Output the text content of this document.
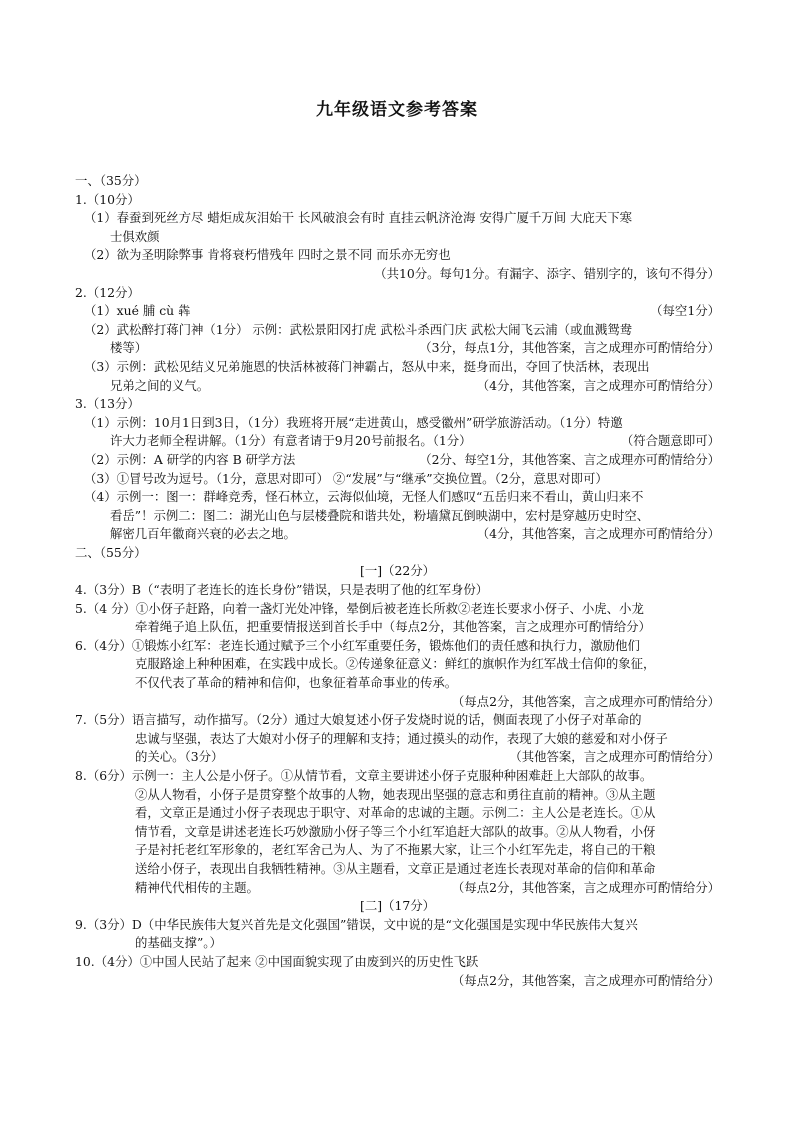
九年级语文参考答案
一、（35分）
1.（10分）
（1）春蚕到死丝方尽 蜡炬成灰泪始干 长风破浪会有时 直挂云帆济沧海 安得广厦千万间 大庇天下寒
士俱欢颜
（2）欲为圣明除弊事 肯将衰朽惜残年 四时之景不同 而乐亦无穷也
（共10分。每句1分。有漏字、添字、错别字的，该句不得分）
2.（12分）
（1）xué 脯 cù 犇	（每空1分）
（2）武松醉打蒋门神（1分） 示例：武松景阳冈打虎 武松斗杀西门庆 武松大闹飞云浦（或血溅鸳鸯
楼等）	（3分，每点1分，其他答案，言之成理亦可酌情给分）
（3）示例：武松见结义兄弟施恩的快活林被蒋门神霸占，怒从中来，挺身而出，夺回了快活林，表现出
兄弟之间的义气。	（4分，其他答案，言之成理亦可酌情给分）
3.（13分）
（1）示例：10月1日到3日，（1分）我班将开展“走进黄山，感受徽州”研学旅游活动。（1分）特邀
许大力老师全程讲解。（1分）有意者请于9月20号前报名。（1分）	（符合题意即可）
（2）示例：A 研学的内容 B 研学方法	（2分、每空1分，其他答案、言之成理亦可酌情给分）
（3）①冒号改为逗号。（1分，意思对即可） ②“发展”与“继承”交换位置。（2分，意思对即可）
（4）示例一：图一：群峰竞秀，怪石林立，云海似仙境，无怪人们感叹“五岳归来不看山，黄山归来不
看岳”！示例二：图二：湖光山色与层楼叠院和谐共处，粉墙黛瓦倒映湖中，宏村是穿越历史时空、
解密几百年徽商兴衰的必去之地。	（4分，其他答案，言之成理亦可酌情给分）
二、（55分）
[一]（22分）
4.（3分）B（“表明了老连长的连长身份”错误，只是表明了他的红军身份）
5.（4 分）①小伢子赶路，向着一盏灯光处冲锋，晕倒后被老连长所救②老连长要求小伢子、小虎、小龙
牵着绳子追上队伍，把重要情报送到首长手中（每点2分，其他答案，言之成理亦可酌情给分）
6.（4分）①锻炼小红军：老连长通过赋予三个小红军重要任务，锻炼他们的责任感和执行力，激励他们
克服路途上种种困难，在实践中成长。②传递象征意义：鲜红的旗帜作为红军战士信仰的象征，
不仅代表了革命的精神和信仰，也象征着革命事业的传承。
（每点2分，其他答案，言之成理亦可酌情给分）
7.（5分）语言描写，动作描写。（2分）通过大娘复述小伢子发烧时说的话，侧面表现了小伢子对革命的
忠诚与坚强，表达了大娘对小伢子的理解和支持；通过摸头的动作，表现了大娘的慈爱和对小伢子
的关心。（3分）	（其他答案，言之成理亦可酌情给分）
8.（6分）示例一：主人公是小伢子。①从情节看，文章主要讲述小伢子克服种种困难赶上大部队的故事。
②从人物看，小伢子是贯穿整个故事的人物，她表现出坚强的意志和勇往直前的精神。③从主题
看，文章正是通过小伢子表现忠于职守、对革命的忠诚的主题。示例二：主人公是老连长。①从
情节看，文章是讲述老连长巧妙激励小伢子等三个小红军追赶大部队的故事。②从人物看，小伢
子是衬托老红军形象的，老红军舍己为人、为了不拖累大家，让三个小红军先走，将自己的干粮
送给小伢子，表现出自我牺牲精神。③从主题看，文章正是通过老连长表现对革命的信仰和革命
精神代代相传的主题。	（每点2分，其他答案，言之成理亦可酌情给分）
[二]（17分）
9.（3分）D（中华民族伟大复兴首先是文化强国”错误，文中说的是“文化强国是实现中华民族伟大复兴
的基础支撑”。）
10.（4分）①中国人民站了起来 ②中国面貌实现了由废到兴的历史性飞跃
（每点2分，其他答案，言之成理亦可酌情给分）
